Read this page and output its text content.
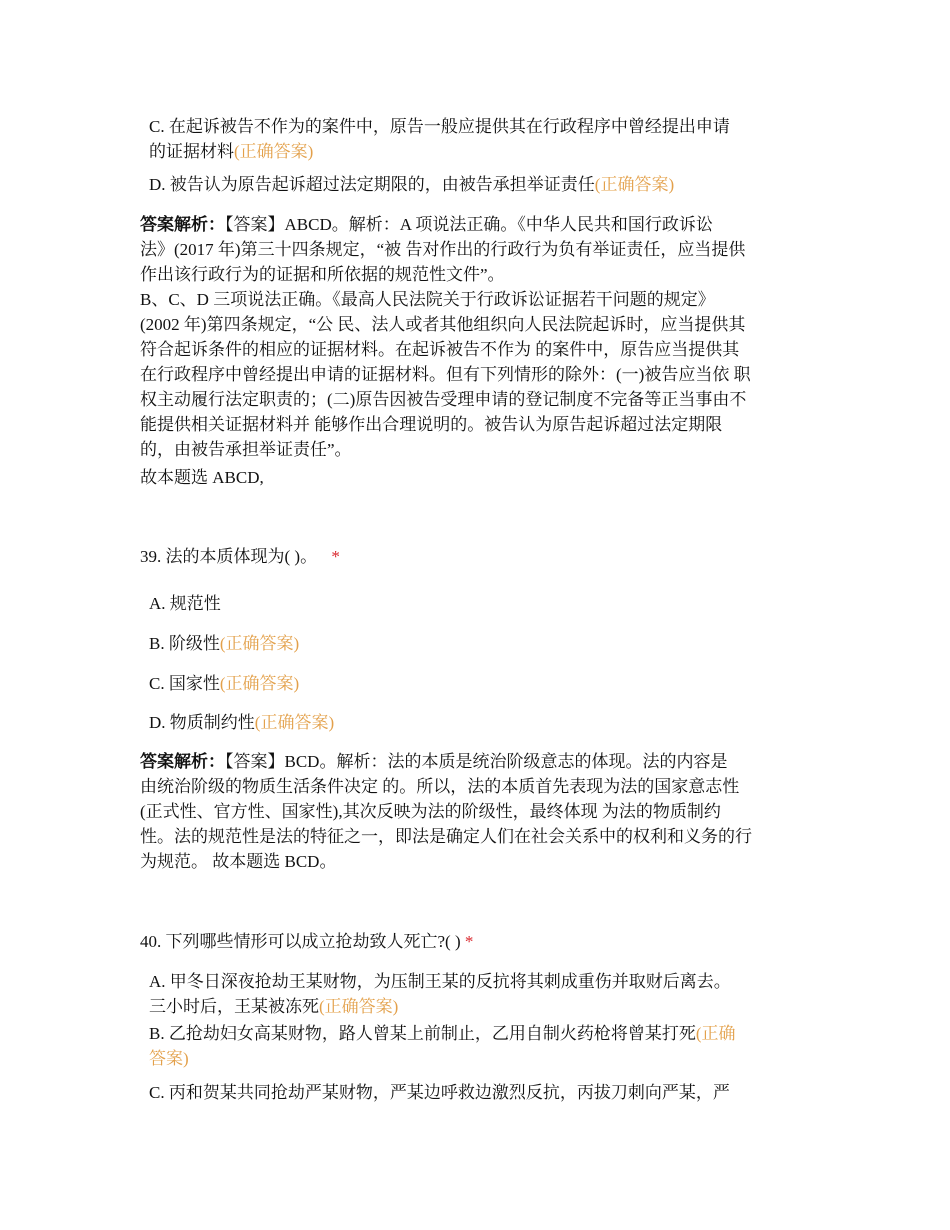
C. 在起诉被告不作为的案件中，原告一般应提供其在行政程序中曾经提出申请
的证据材料(正确答案)
D. 被告认为原告起诉超过法定期限的，由被告承担举证责任(正确答案)
答案解析：【答案】ABCD。解析：A 项说法正确。《中华人民共和国行政诉讼
法》(2017 年)第三十四条规定，“被 告对作出的行政行为负有举证责任，应当提供
作出该行政行为的证据和所依据的规范性文件”。
B、C、D 三项说法正确。《最高人民法院关于行政诉讼证据若干问题的规定》
(2002 年)第四条规定，“公 民、法人或者其他组织向人民法院起诉时，应当提供其
符合起诉条件的相应的证据材料。在起诉被告不作为 的案件中，原告应当提供其
在行政程序中曾经提出申请的证据材料。但有下列情形的除外：(一)被告应当依 职
权主动履行法定职责的；(二)原告因被告受理申请的登记制度不完备等正当事由不
能提供相关证据材料并 能够作出合理说明的。被告认为原告起诉超过法定期限
的，由被告承担举证责任”。
故本题选 ABCD,
39. 法的本质体现为( )。 *
A. 规范性
B. 阶级性(正确答案)
C. 国家性(正确答案)
D. 物质制约性(正确答案)
答案解析：【答案】BCD。解析：法的本质是统治阶级意志的体现。法的内容是
由统治阶级的物质生活条件决定 的。所以，法的本质首先表现为法的国家意志性
(正式性、官方性、国家性),其次反映为法的阶级性，最终体现 为法的物质制约
性。法的规范性是法的特征之一，即法是确定人们在社会关系中的权利和义务的行
为规范。 故本题选 BCD。
40. 下列哪些情形可以成立抢劫致人死亡?( ) *
A. 甲冬日深夜抢劫王某财物，为压制王某的反抗将其刺成重伤并取财后离去。
三小时后，王某被冻死(正确答案)
B. 乙抢劫妇女高某财物，路人曾某上前制止，乙用自制火药枪将曾某打死(正确
答案)
C. 丙和贺某共同抢劫严某财物，严某边呼救边激烈反抗，丙拔刀刺向严某，严
